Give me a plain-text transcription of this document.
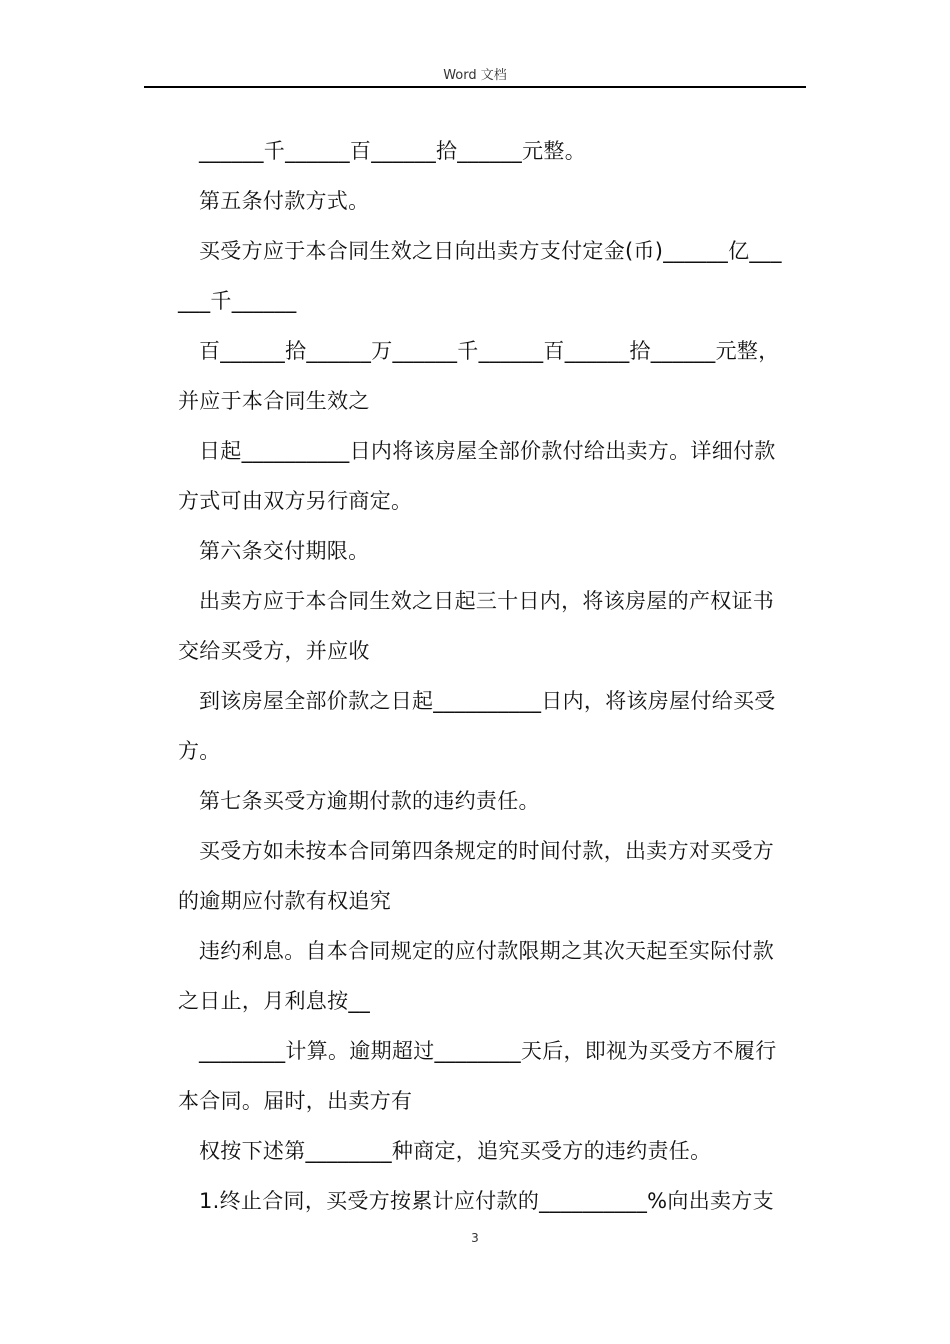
Word 文档
______千______百______拾______元整。
第五条付款方式。
买受方应于本合同生效之日向出卖方支付定金(币)______亿___
___千______
百______拾______万______千______百______拾______元整，
并应于本合同生效之
日起__________日内将该房屋全部价款付给出卖方。详细付款
方式可由双方另行商定。
第六条交付期限。
出卖方应于本合同生效之日起三十日内，将该房屋的产权证书
交给买受方，并应收
到该房屋全部价款之日起__________日内，将该房屋付给买受
方。
第七条买受方逾期付款的违约责任。
买受方如未按本合同第四条规定的时间付款，出卖方对买受方
的逾期应付款有权追究
违约利息。自本合同规定的应付款限期之其次天起至实际付款
之日止，月利息按__
________计算。逾期超过________天后，即视为买受方不履行
本合同。届时，出卖方有
权按下述第________种商定，追究买受方的违约责任。
1.终止合同，买受方按累计应付款的__________%向出卖方支
3
